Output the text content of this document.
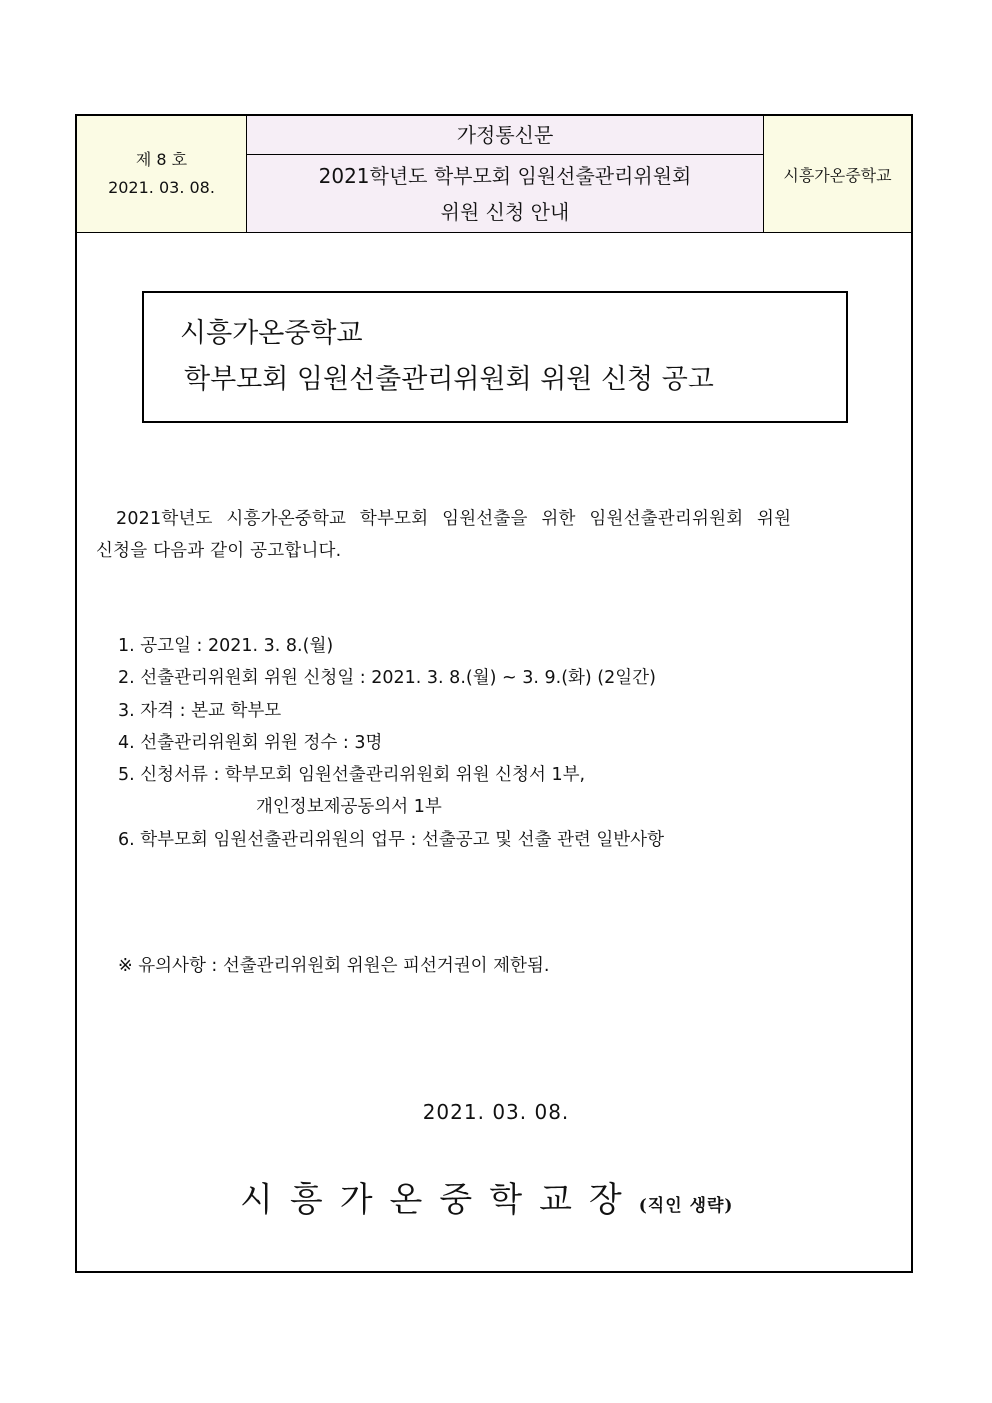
제 8 호
2021. 03. 08.
가정통신문
2021학년도 학부모회 임원선출관리위원회
위원 신청 안내
시흥가온중학교
시흥가온중학교
학부모회 임원선출관리위원회 위원 신청 공고
2021학년도 시흥가온중학교 학부모회 임원선출을 위한 임원선출관리위원회 위원
신청을 다음과 같이 공고합니다.
1. 공고일 : 2021. 3. 8.(월)
2. 선출관리위원회 위원 신청일 : 2021. 3. 8.(월) ~ 3. 9.(화) (2일간)
3. 자격 : 본교 학부모
4. 선출관리위원회 위원 정수 : 3명
5. 신청서류 : 학부모회 임원선출관리위원회 위원 신청서 1부,
개인정보제공동의서 1부
6. 학부모회 임원선출관리위원의 업무 : 선출공고 및 선출 관련 일반사항
※ 유의사항 : 선출관리위원회 위원은 피선거권이 제한됨.
2021. 03. 08.
시흥가온중학교장(직인 생략)
